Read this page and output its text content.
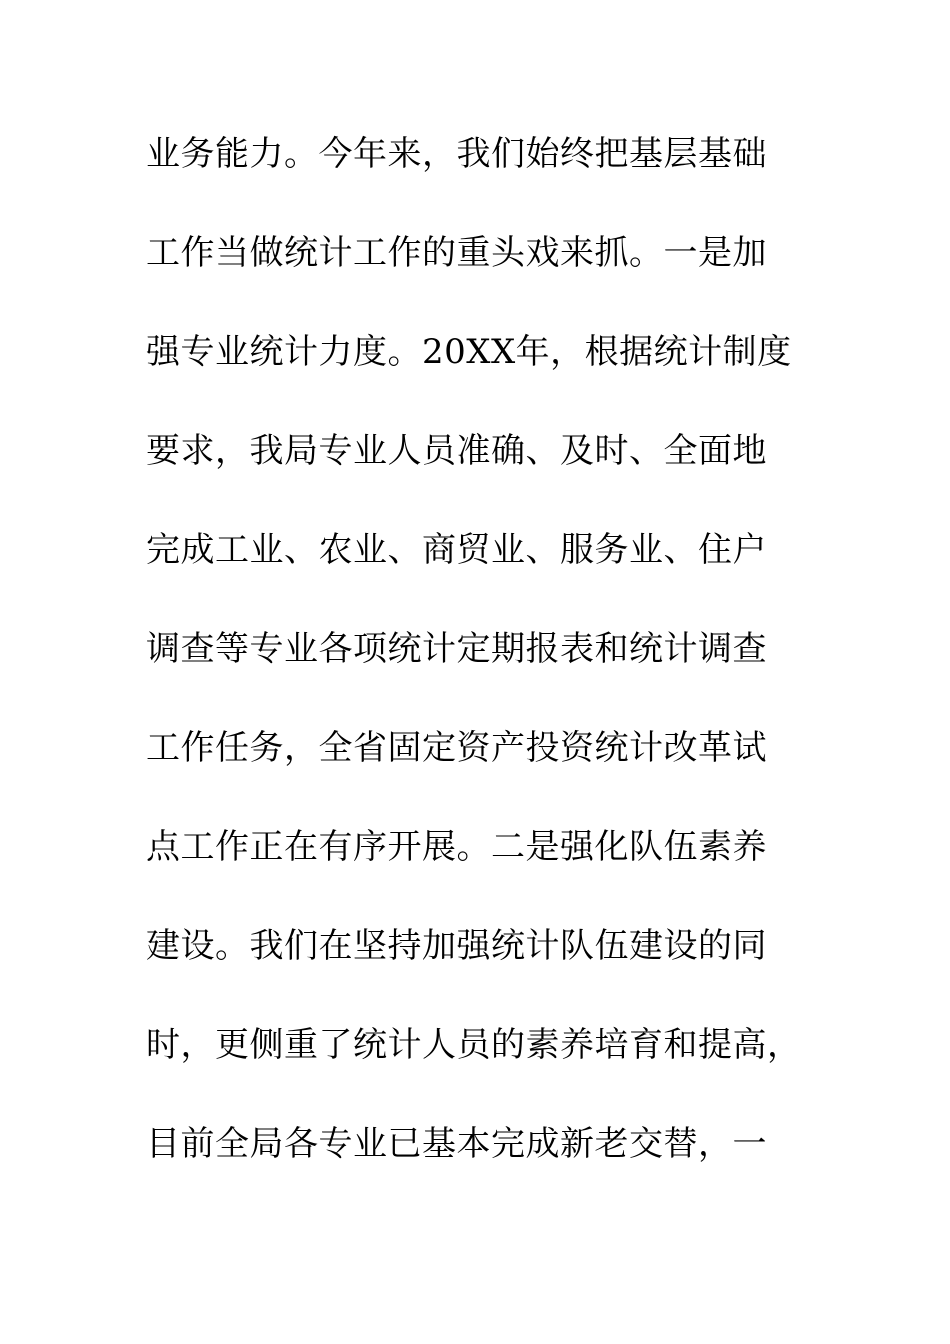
业务能力。今年来，我们始终把基层基础
工作当做统计工作的重头戏来抓。一是加
强专业统计力度。20XX年，根据统计制度
要求，我局专业人员准确、及时、全面地
完成工业、农业、商贸业、服务业、住户
调查等专业各项统计定期报表和统计调查
工作任务，全省固定资产投资统计改革试
点工作正在有序开展。二是强化队伍素养
建设。我们在坚持加强统计队伍建设的同
时，更侧重了统计人员的素养培育和提高，
目前全局各专业已基本完成新老交替，一
